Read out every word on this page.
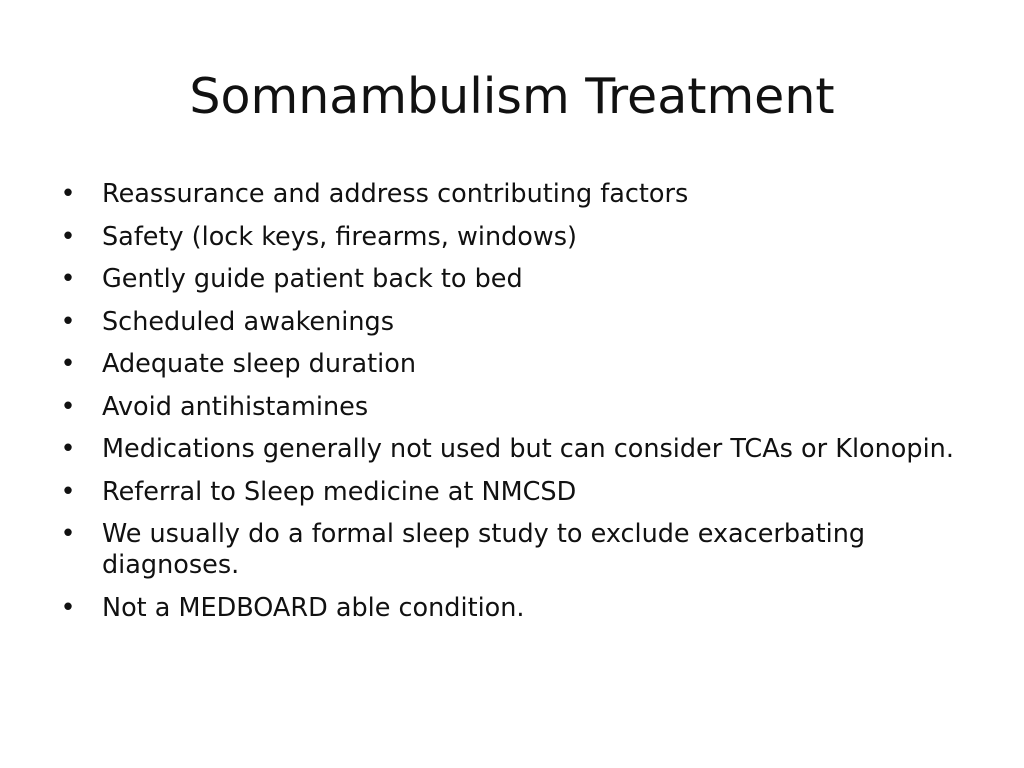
Somnambulism Treatment
• Reassurance and address contributing factors
• Safety (lock keys, firearms, windows)
• Gently guide patient back to bed
• Scheduled awakenings
• Adequate sleep duration
• Avoid antihistamines
• Medications generally not used but can consider TCAs or Klonopin.
• Referral to Sleep medicine at NMCSD
• We usually do a formal sleep study to exclude exacerbating diagnoses.
• Not a MEDBOARD able condition.
